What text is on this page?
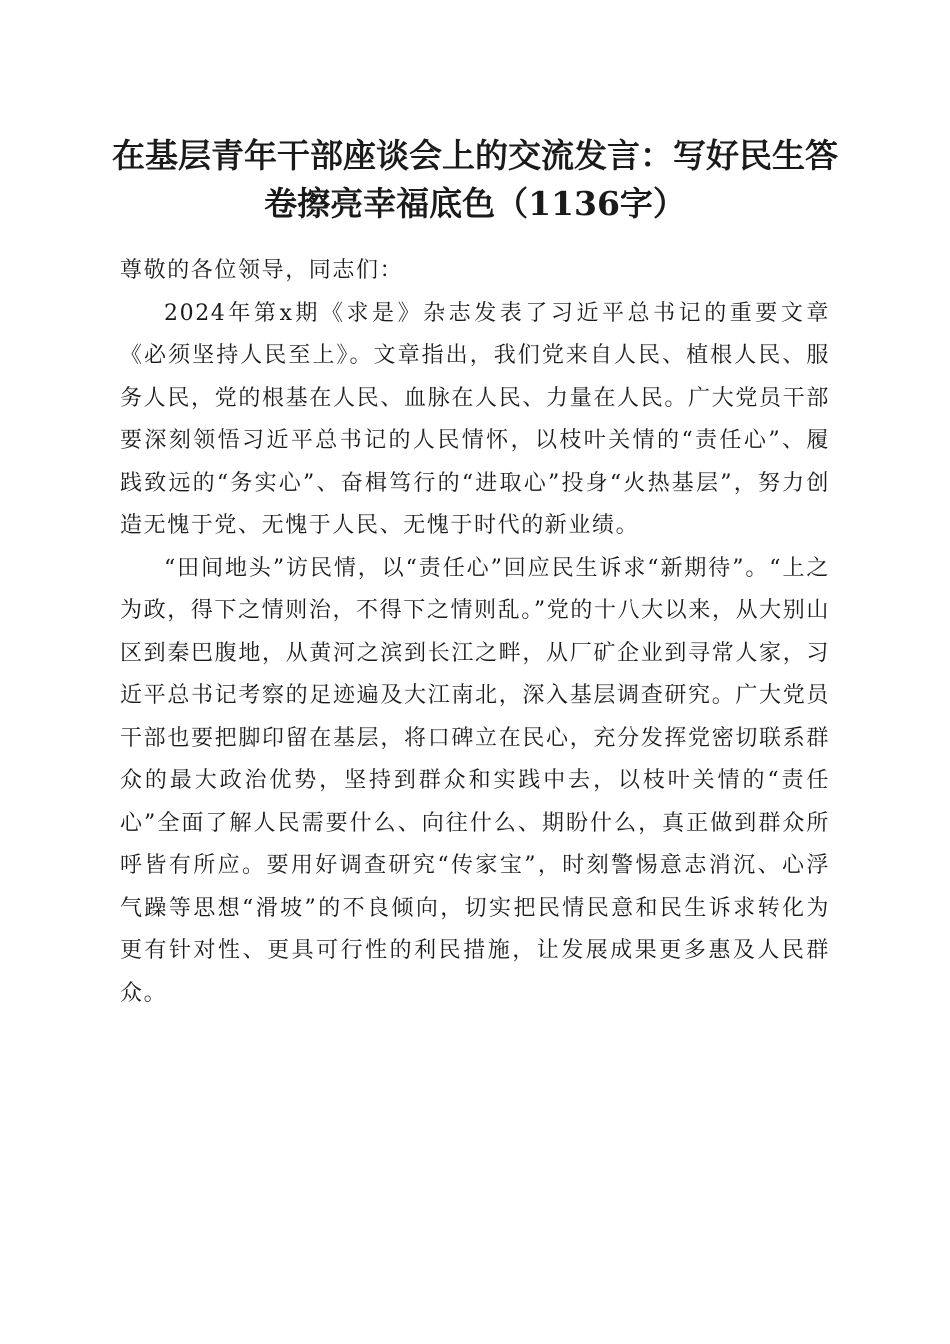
在基层青年干部座谈会上的交流发言：写好民生答卷擦亮幸福底色（1136字）

尊敬的各位领导，同志们：

2024年第x期《求是》杂志发表了习近平总书记的重要文章《必须坚持人民至上》。文章指出，我们党来自人民、植根人民、服务人民，党的根基在人民、血脉在人民、力量在人民。广大党员干部要深刻领悟习近平总书记的人民情怀，以枝叶关情的“责任心”、履践致远的“务实心”、奋楫笃行的“进取心”投身“火热基层”，努力创造无愧于党、无愧于人民、无愧于时代的新业绩。

“田间地头”访民情，以“责任心”回应民生诉求“新期待”。“上之为政，得下之情则治，不得下之情则乱。”党的十八大以来，从大别山区到秦巴腹地，从黄河之滨到长江之畔，从厂矿企业到寻常人家，习近平总书记考察的足迹遍及大江南北，深入基层调查研究。广大党员干部也要把脚印留在基层，将口碑立在民心，充分发挥党密切联系群众的最大政治优势，坚持到群众和实践中去，以枝叶关情的“责任心”全面了解人民需要什么、向往什么、期盼什么，真正做到群众所呼皆有所应。要用好调查研究“传家宝”，时刻警惕意志消沉、心浮气躁等思想“滑坡”的不良倾向，切实把民情民意和民生诉求转化为更有针对性、更具可行性的利民措施，让发展成果更多惠及人民群众。
